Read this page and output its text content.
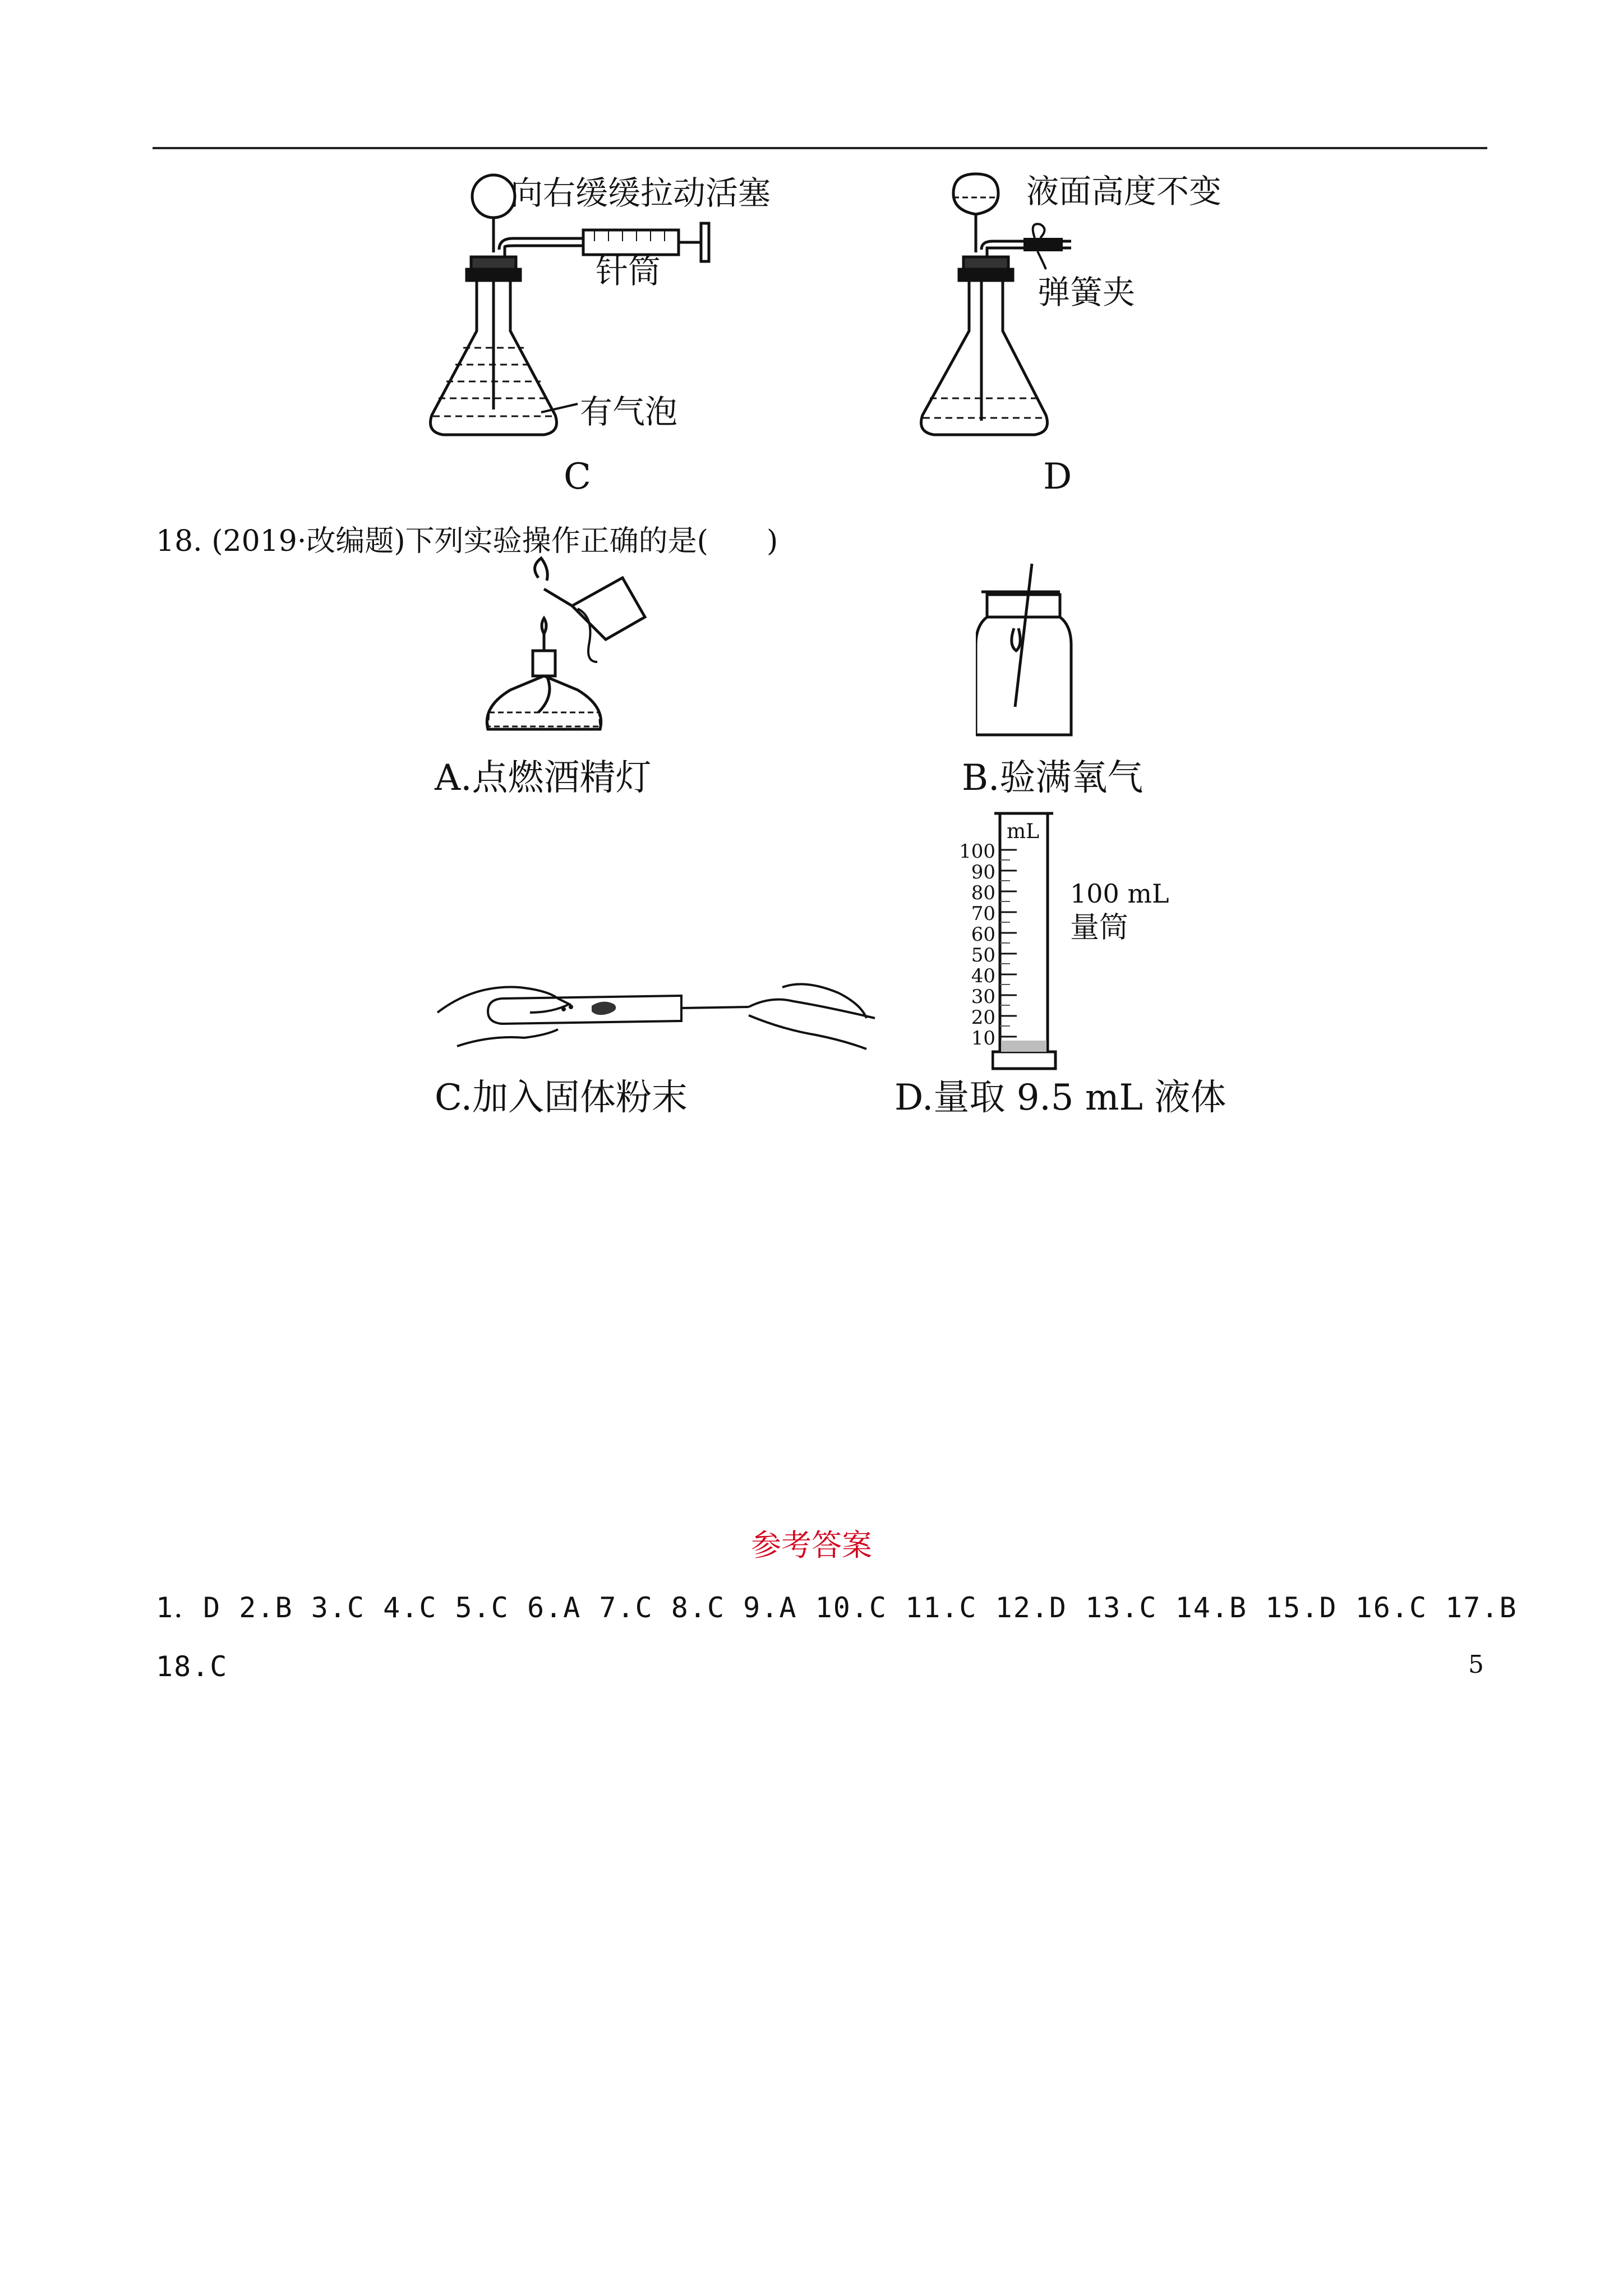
向右缓缓拉动活塞
针筒
有气泡
C
液面高度不变
弹簧夹
D
18. (2019·改编题)下列实验操作正确的是(　　)
A.点燃酒精灯	B.验满氧气
C.加入固体粉末
mL
100
90
80
70
60
50
40
30
20
10
100 mL
量筒
D.量取 9.5 mL 液体
参考答案
1．D 2.B 3.C 4.C 5.C 6.A 7.C 8.C 9.A 10.C 11.C 12.D 13.C 14.B 15.D 16.C 17.B
18.C	5
